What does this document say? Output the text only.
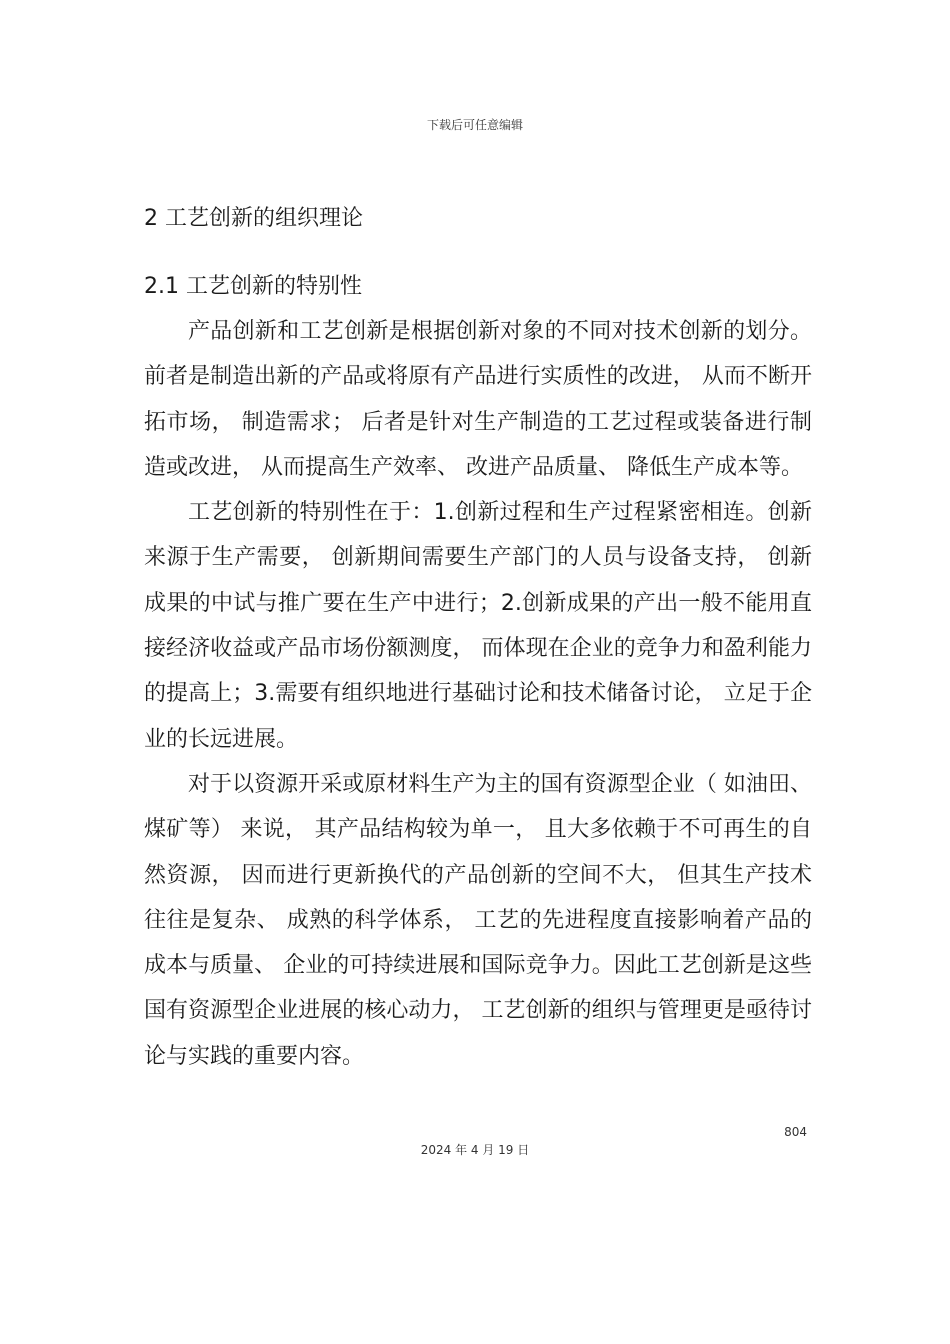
下载后可任意编辑
2 工艺创新的组织理论
2.1 工艺创新的特别性

产品创新和工艺创新是根据创新对象的不同对技术创新的划分。前者是制造出新的产品或将原有产品进行实质性的改进， 从而不断开拓市场， 制造需求； 后者是针对生产制造的工艺过程或装备进行制造或改进， 从而提高生产效率、 改进产品质量、 降低生产成本等。

工艺创新的特别性在于：1.创新过程和生产过程紧密相连。创新来源于生产需要， 创新期间需要生产部门的人员与设备支持， 创新成果的中试与推广要在生产中进行；2.创新成果的产出一般不能用直接经济收益或产品市场份额测度， 而体现在企业的竞争力和盈利能力的提高上；3.需要有组织地进行基础讨论和技术储备讨论， 立足于企业的长远进展。

对于以资源开采或原材料生产为主的国有资源型企业（ 如油田、 煤矿等） 来说， 其产品结构较为单一， 且大多依赖于不可再生的自然资源， 因而进行更新换代的产品创新的空间不大， 但其生产技术往往是复杂、 成熟的科学体系， 工艺的先进程度直接影响着产品的成本与质量、 企业的可持续进展和国际竞争力。因此工艺创新是这些国有资源型企业进展的核心动力， 工艺创新的组织与管理更是亟待讨论与实践的重要内容。

804
2024 年 4 月 19 日
